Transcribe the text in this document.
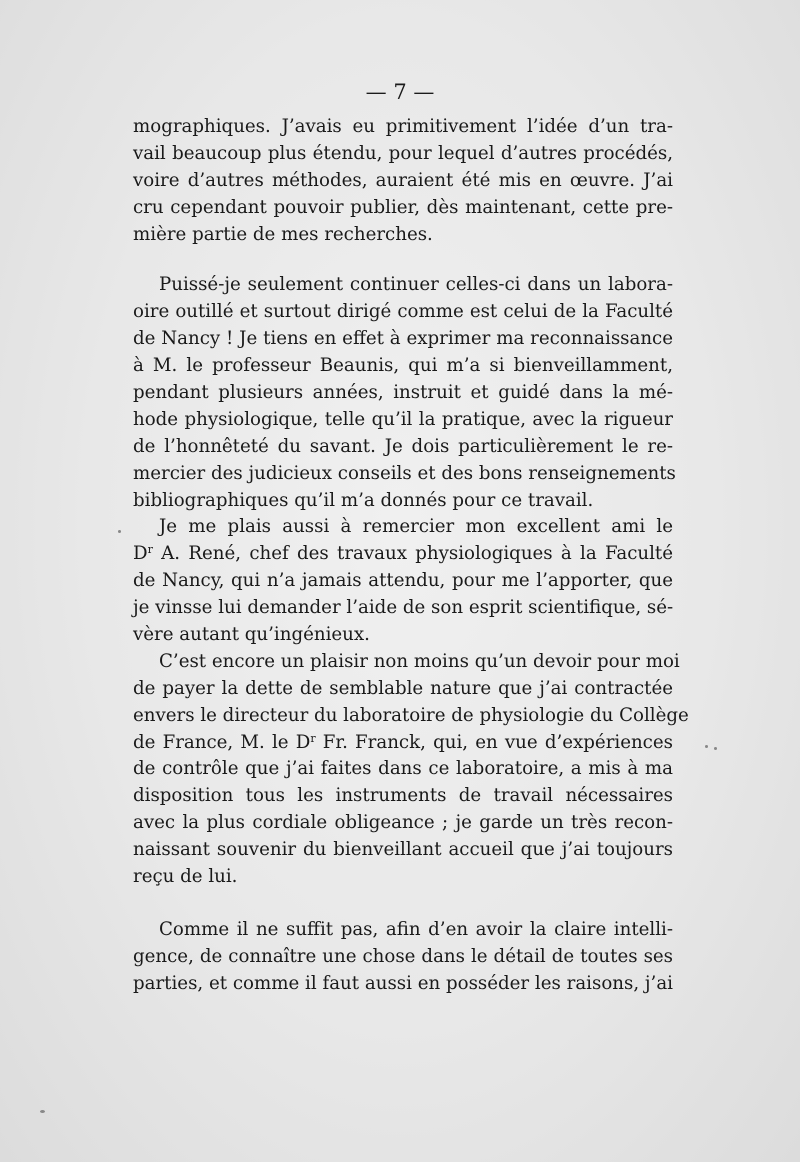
— 7 —
mographiques. J’avais eu primitivement l’idée d’un tra-
vail beaucoup plus étendu, pour lequel d’autres procédés,
voire d’autres méthodes, auraient été mis en œuvre. J’ai
cru cependant pouvoir publier, dès maintenant, cette pre-
mière partie de mes recherches.
Puissé-je seulement continuer celles-ci dans un labora-
oire outillé et surtout dirigé comme est celui de la Faculté
de Nancy ! Je tiens en effet à exprimer ma reconnaissance
à M. le professeur Beaunis, qui m’a si bienveillamment,
pendant plusieurs années, instruit et guidé dans la mé-
hode physiologique, telle qu’il la pratique, avec la rigueur
de l’honnêteté du savant. Je dois particulièrement le re-
mercier des judicieux conseils et des bons renseignements
bibliographiques qu’il m’a donnés pour ce travail.
Je me plais aussi à remercier mon excellent ami le
$D^r$ A. René, chef des travaux physiologiques à la Faculté
de Nancy, qui n’a jamais attendu, pour me l’apporter, que
je vinsse lui demander l’aide de son esprit scientifique, sé-
vère autant qu’ingénieux.
C’est encore un plaisir non moins qu’un devoir pour moi
de payer la dette de semblable nature que j’ai contractée
envers le directeur du laboratoire de physiologie du Collège
de France, M. le $D^r$ Fr. Franck, qui, en vue d’expériences
de contrôle que j’ai faites dans ce laboratoire, a mis à ma
disposition tous les instruments de travail nécessaires
avec la plus cordiale obligeance ; je garde un très recon-
naissant souvenir du bienveillant accueil que j’ai toujours
reçu de lui.
Comme il ne suffit pas, afin d’en avoir la claire intelli-
gence, de connaître une chose dans le détail de toutes ses
parties, et comme il faut aussi en posséder les raisons, j’ai
